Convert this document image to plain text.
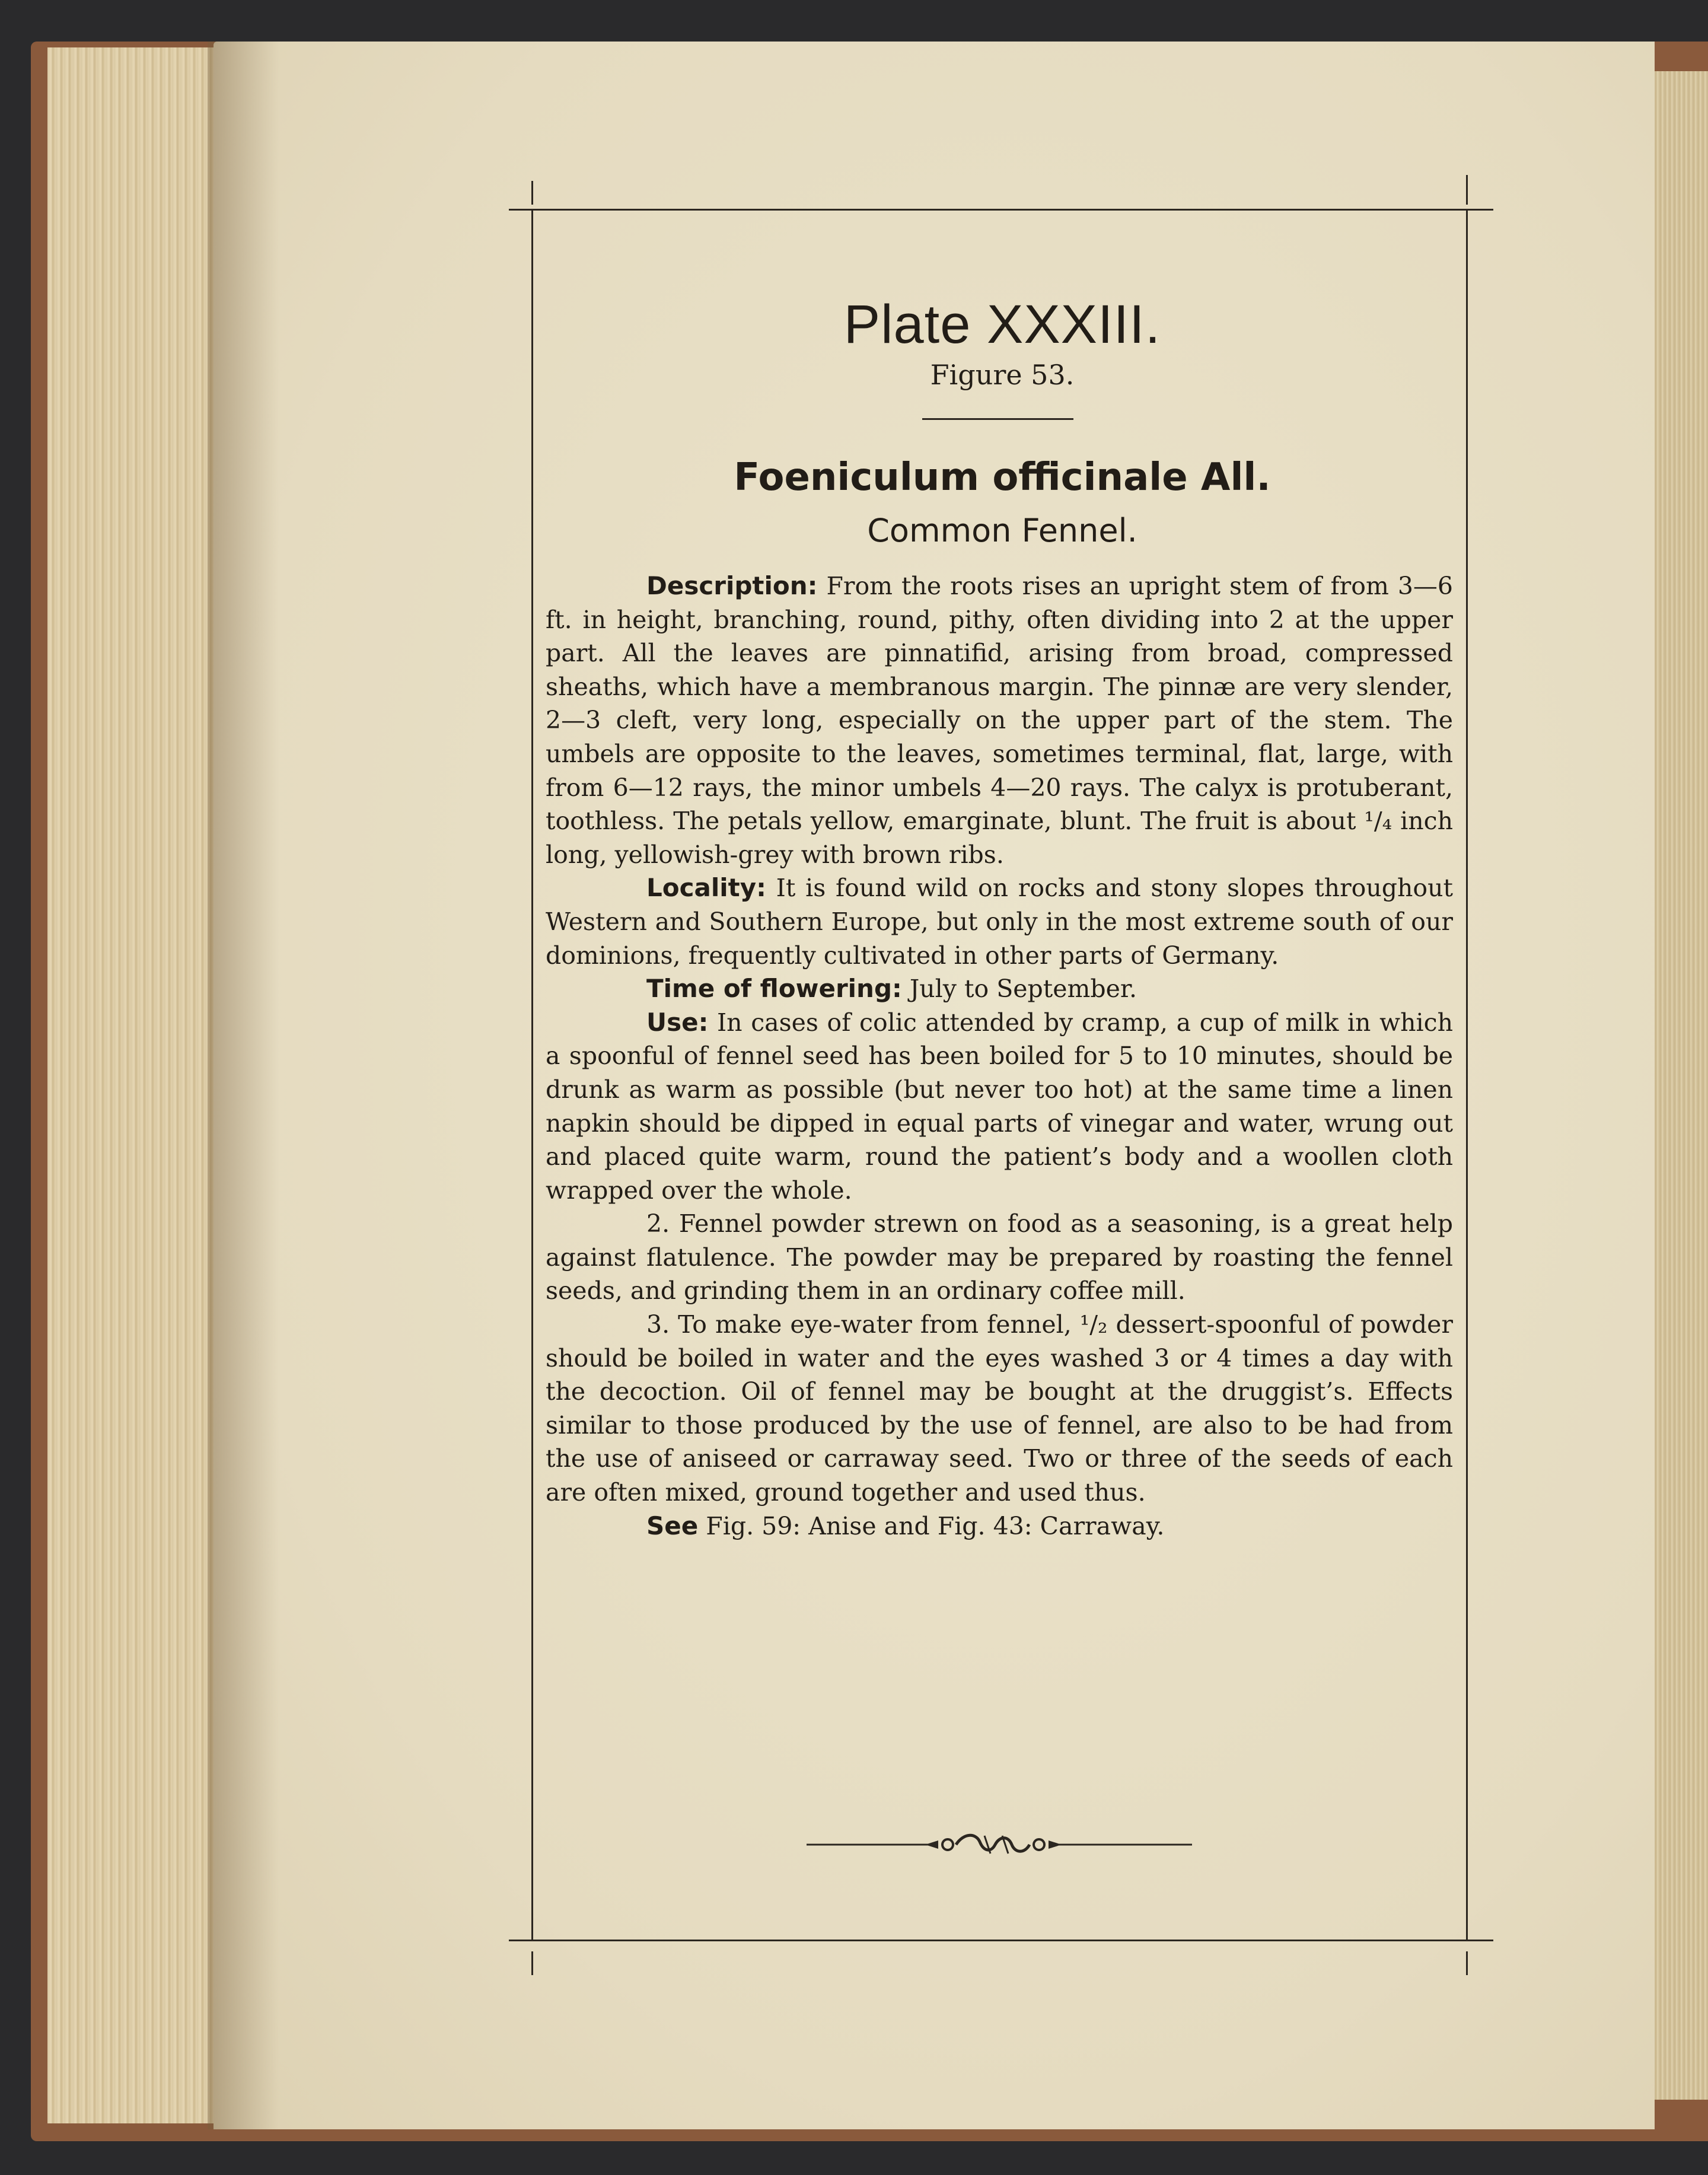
Plate XXXIII.
Figure 53.
Foeniculum officinale All.
Common Fennel.

Description: From the roots rises an upright stem of from 3—6 ft. in height, branching, round, pithy, often dividing into 2 at the upper part. All the leaves are pinnatifid, arising from broad, compressed sheaths, which have a membranous margin. The pinnæ are very slender, 2—3 cleft, very long, especially on the upper part of the stem. The umbels are opposite to the leaves, sometimes terminal, flat, large, with from 6—12 rays, the minor umbels 4—20 rays. The calyx is protuberant, toothless. The petals yellow, emarginate, blunt. The fruit is about ¹/₄ inch long, yellowish-grey with brown ribs.

Locality: It is found wild on rocks and stony slopes throughout Western and Southern Europe, but only in the most extreme south of our dominions, frequently cultivated in other parts of Germany.

Time of flowering: July to September.

Use: In cases of colic attended by cramp, a cup of milk in which a spoonful of fennel seed has been boiled for 5 to 10 minutes, should be drunk as warm as possible (but never too hot) at the same time a linen napkin should be dipped in equal parts of vinegar and water, wrung out and placed quite warm, round the patient’s body and a woollen cloth wrapped over the whole.

2. Fennel powder strewn on food as a seasoning, is a great help against flatulence. The powder may be prepared by roasting the fennel seeds, and grinding them in an ordinary coffee mill.

3. To make eye-water from fennel, ¹/₂ dessert-spoonful of powder should be boiled in water and the eyes washed 3 or 4 times a day with the decoction. Oil of fennel may be bought at the druggist’s. Effects similar to those produced by the use of fennel, are also to be had from the use of aniseed or carraway seed. Two or three of the seeds of each are often mixed, ground together and used thus.

See Fig. 59: Anise and Fig. 43: Carraway.
